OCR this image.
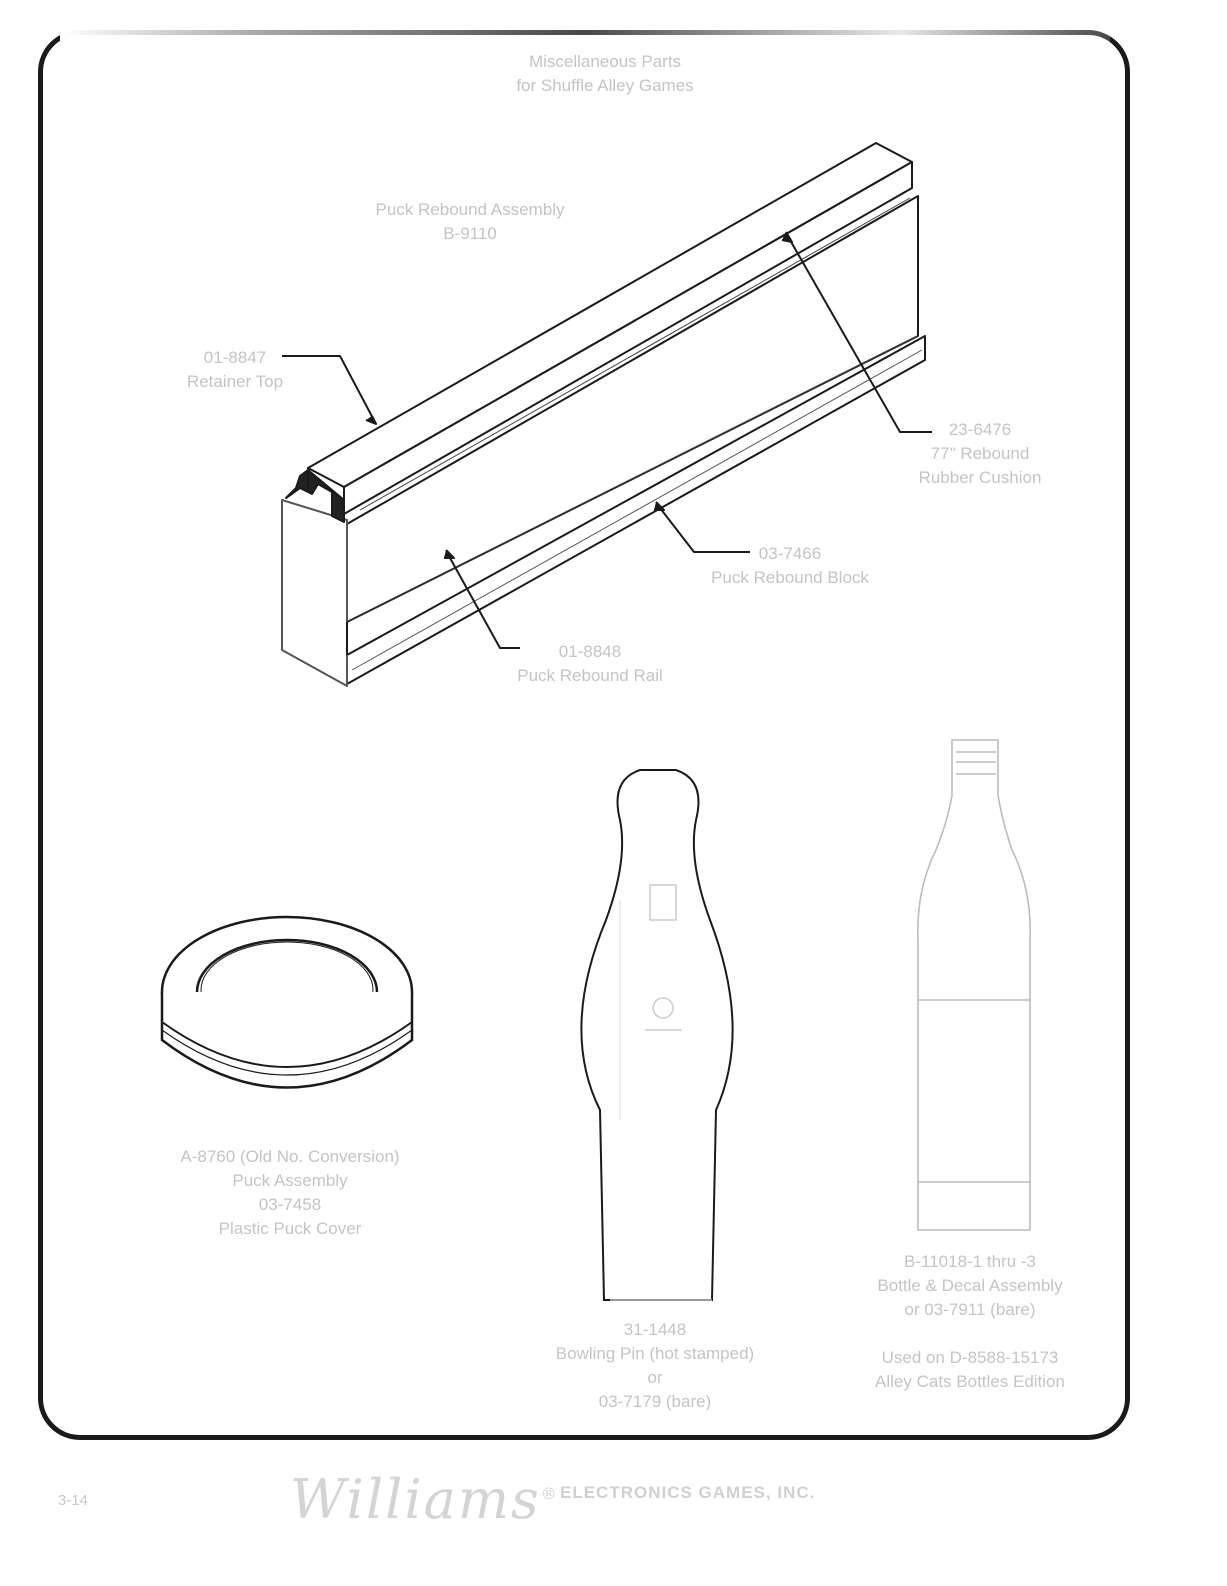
Miscellaneous Parts
for Shuffle Alley Games
Puck Rebound Assembly
B-9110
01-8847
Retainer Top
23-6476
77" Rebound
Rubber Cushion
03-7466
Puck Rebound Block
01-8848
Puck Rebound Rail
A-8760 (Old No. Conversion)
Puck Assembly
03-7458
Plastic Puck Cover
31-1448
Bowling Pin (hot stamped)
or
03-7179 (bare)
B-11018-1 thru -3
Bottle & Decal Assembly
or 03-7911 (bare)
Used on D-8588-15173
Alley Cats Bottles Edition
3-14	Williams® ELECTRONICS GAMES, INC.
